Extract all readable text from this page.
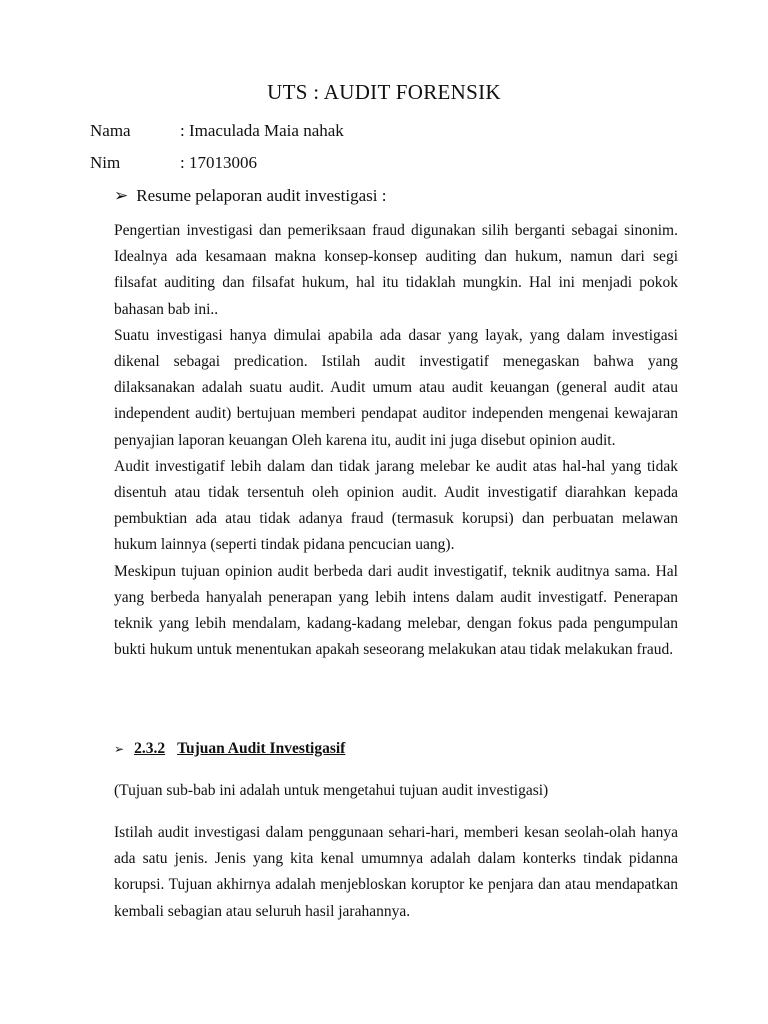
UTS : AUDIT FORENSIK
Nama	: Imaculada Maia nahak
Nim	: 17013006
➢ Resume pelaporan audit investigasi :

Pengertian investigasi dan pemeriksaan fraud digunakan silih berganti sebagai sinonim. Idealnya ada kesamaan makna konsep-konsep auditing dan hukum, namun dari segi filsafat auditing dan filsafat hukum, hal itu tidaklah mungkin. Hal ini menjadi pokok bahasan bab ini..

Suatu investigasi hanya dimulai apabila ada dasar yang layak, yang dalam investigasi dikenal sebagai predication. Istilah audit investigatif menegaskan bahwa yang dilaksanakan adalah suatu audit. Audit umum atau audit keuangan (general audit atau independent audit) bertujuan memberi pendapat auditor independen mengenai kewajaran penyajian laporan keuangan Oleh karena itu, audit ini juga disebut opinion audit.

Audit investigatif lebih dalam dan tidak jarang melebar ke audit atas hal-hal yang tidak disentuh atau tidak tersentuh oleh opinion audit. Audit investigatif diarahkan kepada pembuktian ada atau tidak adanya fraud (termasuk korupsi) dan perbuatan melawan hukum lainnya (seperti tindak pidana pencucian uang).

Meskipun tujuan opinion audit berbeda dari audit investigatif, teknik auditnya sama. Hal yang berbeda hanyalah penerapan yang lebih intens dalam audit investigatf. Penerapan teknik yang lebih mendalam, kadang-kadang melebar, dengan fokus pada pengumpulan bukti hukum untuk menentukan apakah seseorang melakukan atau tidak melakukan fraud.

➢ 2.3.2 Tujuan Audit Investigasif
(Tujuan sub-bab ini adalah untuk mengetahui tujuan audit investigasi)

Istilah audit investigasi dalam penggunaan sehari-hari, memberi kesan seolah-olah hanya ada satu jenis. Jenis yang kita kenal umumnya adalah dalam konterks tindak pidanna korupsi. Tujuan akhirnya adalah menjebloskan koruptor ke penjara dan atau mendapatkan kembali sebagian atau seluruh hasil jarahannya.
